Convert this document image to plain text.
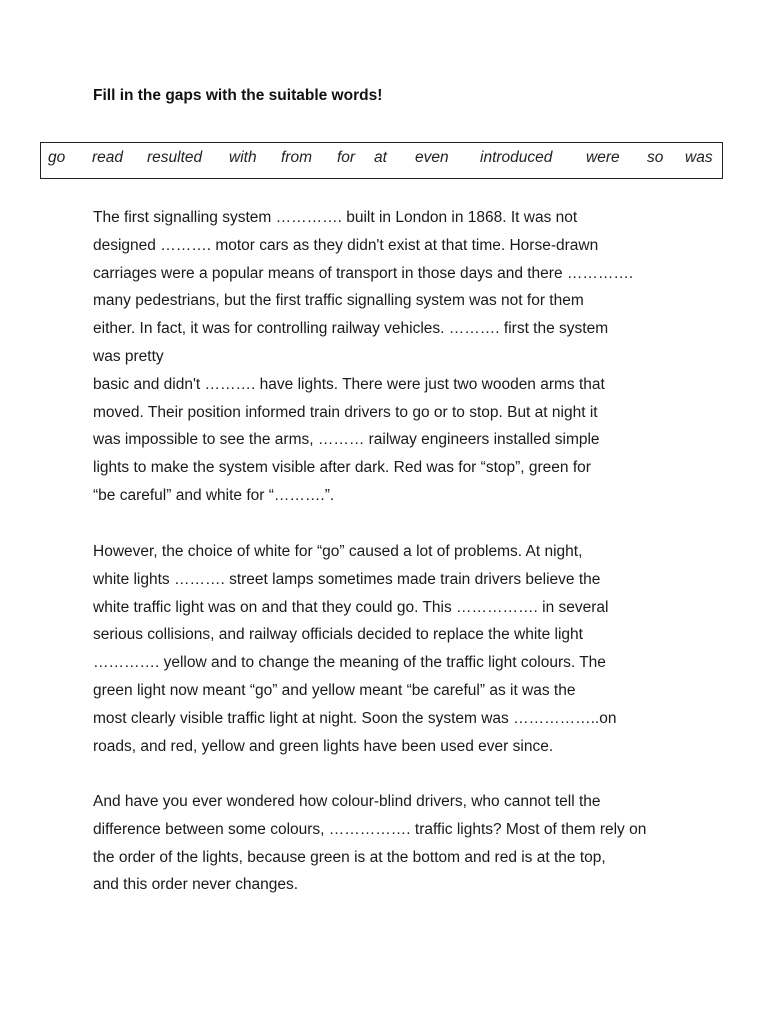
Fill in the gaps with the suitable words!
go read resulted with from for at even introduced were so was
The first signalling system …………. built in London in 1868. It was not
designed ………. motor cars as they didn't exist at that time. Horse-drawn
carriages were a popular means of transport in those days and there ………….
many pedestrians, but the first traffic signalling system was not for them
either. In fact, it was for controlling railway vehicles. ………. first the system
was pretty
basic and didn't ………. have lights. There were just two wooden arms that
moved. Their position informed train drivers to go or to stop. But at night it
was impossible to see the arms, ……… railway engineers installed simple
lights to make the system visible after dark. Red was for “stop”, green for
“be careful” and white for “……….”.
However, the choice of white for “go” caused a lot of problems. At night,
white lights ………. street lamps sometimes made train drivers believe the
white traffic light was on and that they could go. This ……………. in several
serious collisions, and railway officials decided to replace the white light
…………. yellow and to change the meaning of the traffic light colours. The
green light now meant “go” and yellow meant “be careful” as it was the
most clearly visible traffic light at night. Soon the system was ……………..on
roads, and red, yellow and green lights have been used ever since.
And have you ever wondered how colour-blind drivers, who cannot tell the
difference between some colours, ……………. traffic lights? Most of them rely on
the order of the lights, because green is at the bottom and red is at the top,
and this order never changes.
